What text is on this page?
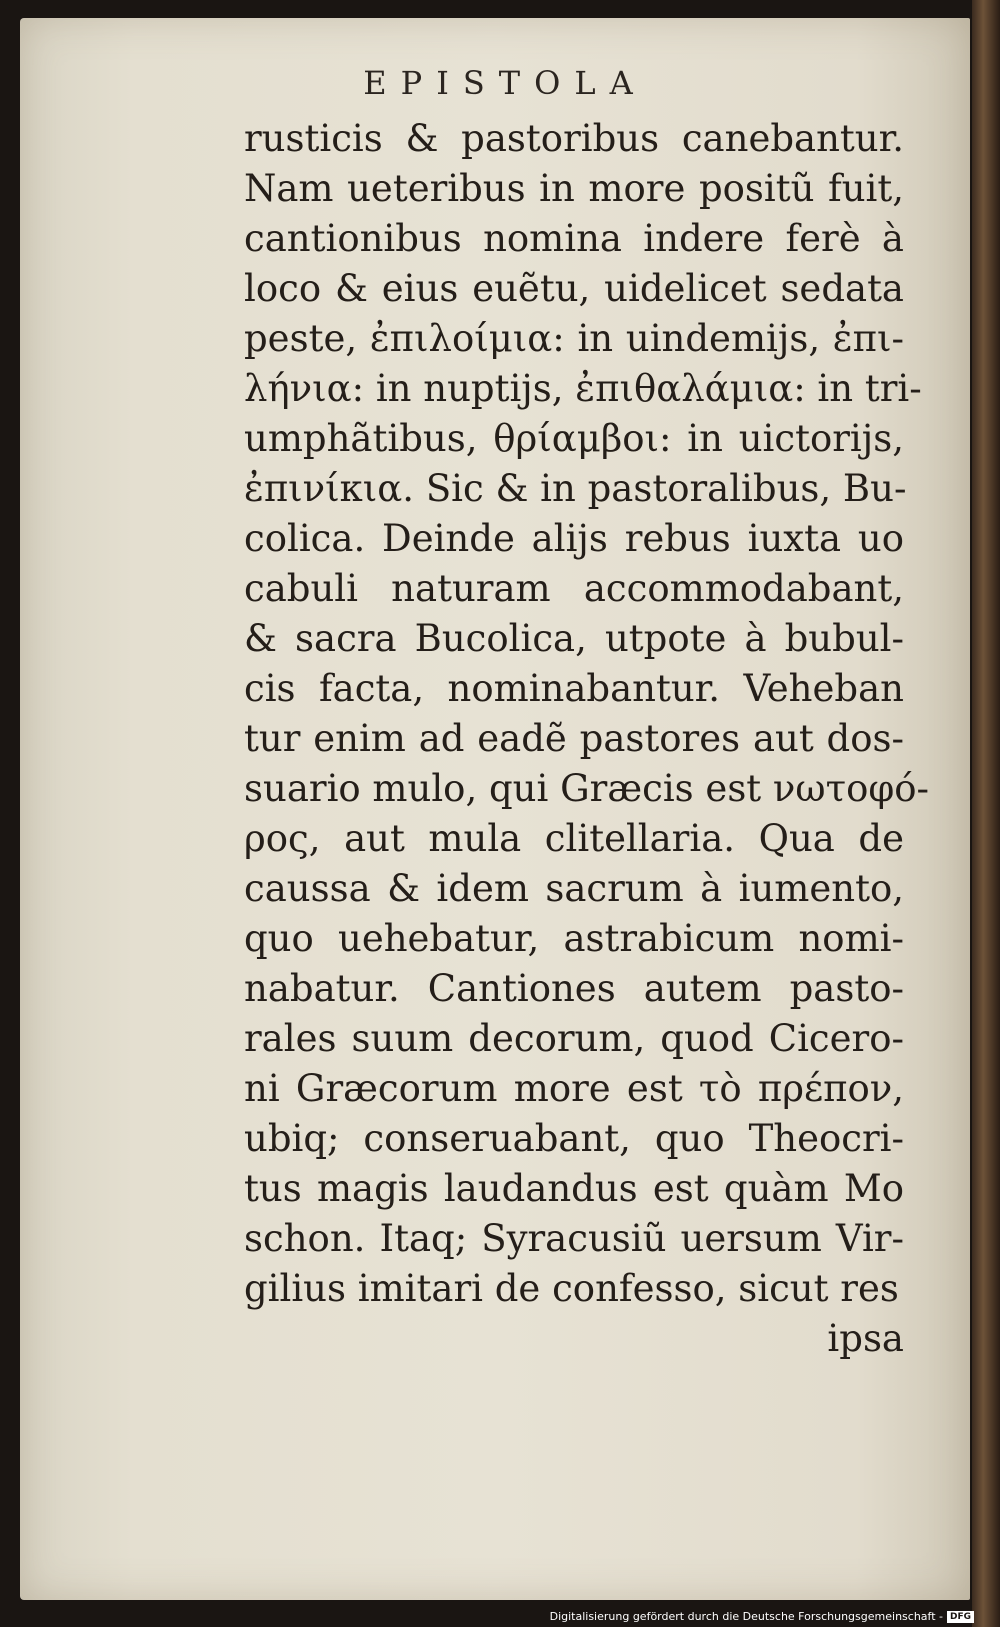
EPISTOLA
rusticis & pastoribus canebantur.
Nam ueteribus in more positũ fuit,
cantionibus nomina indere ferè à
loco & eius euẽtu, uidelicet sedata
peste, ἐπιλοίμια: in uindemijs, ἐπι-
λήνια: in nuptijs, ἐπιθαλάμια: in tri-
umphãtibus, θρίαμβοι: in uictorijs,
ἐπινίκια. Sic & in pastoralibus, Bu-
colica. Deinde alijs rebus iuxta uo
cabuli naturam accommodabant,
& sacra Bucolica, utpote à bubul-
cis facta, nominabantur. Veheban
tur enim ad eadẽ pastores aut dos-
suario mulo, qui Græcis est νωτοφό-
ρος, aut mula clitellaria. Qua de
caussa & idem sacrum à iumento,
quo uehebatur, astrabicum nomi-
nabatur. Cantiones autem pasto-
rales suum decorum, quod Cicero-
ni Græcorum more est τὸ πρέπον,
ubiq; conseruabant, quo Theocri-
tus magis laudandus est quàm Mo
schon. Itaq; Syracusiũ uersum Vir-
gilius imitari de confesso, sicut res
ipsa
Digitalisierung gefördert durch die Deutsche Forschungsgemeinschaft - DFG
